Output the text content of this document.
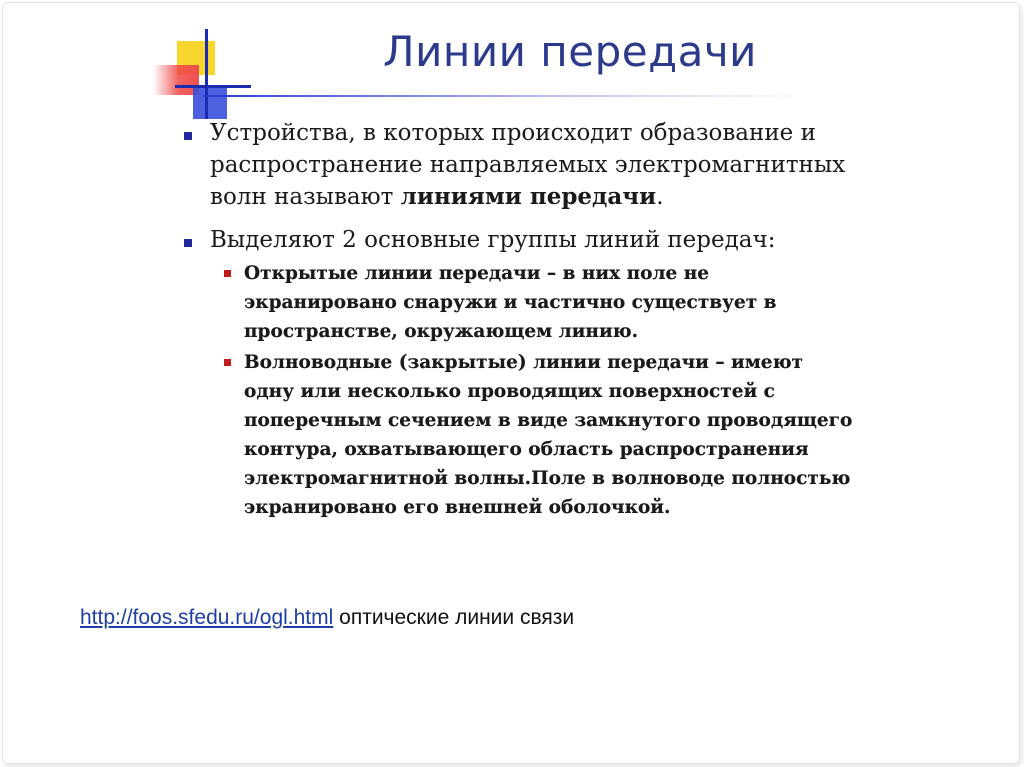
Линии передачи
Устройства, в которых происходит образование и
распространение направляемых электромагнитных
волн называют линиями передачи.
Выделяют 2 основные группы линий передач:
Открытые линии передачи – в них поле не
экранировано снаружи и частично существует в
пространстве, окружающем линию.
Волноводные (закрытые) линии передачи – имеют
одну или несколько проводящих поверхностей с
поперечным сечением в виде замкнутого проводящего
контура, охватывающего область распространения
электромагнитной волны.Поле в волноводе полностью
экранировано его внешней оболочкой.
http://foos.sfedu.ru/ogl.html оптические линии связи
